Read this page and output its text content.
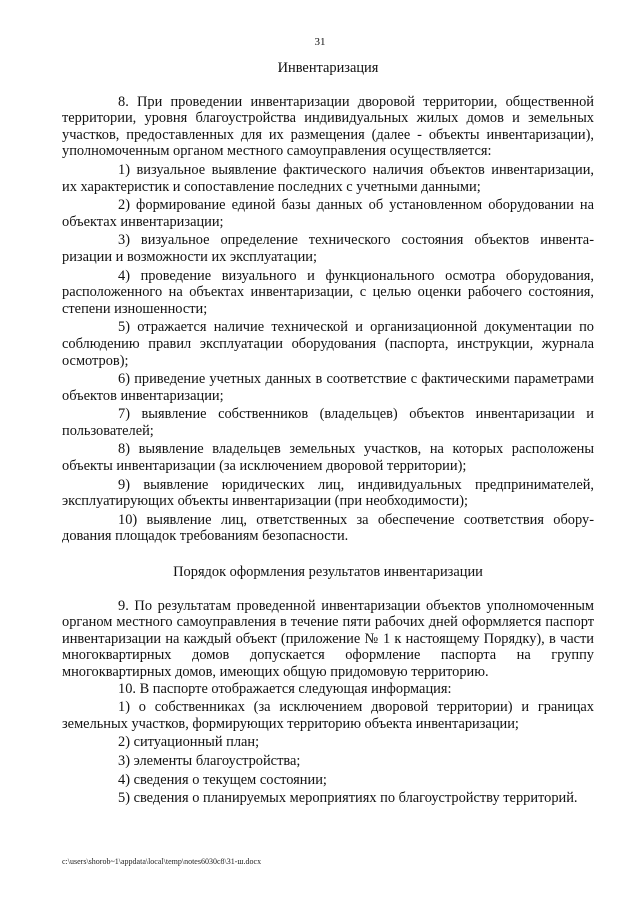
31
Инвентаризация

8. При проведении инвентаризации дворовой территории, общественной территории, уровня благоустройства индивидуальных жилых домов и земельных участков, предоставленных для их размещения (далее - объекты инвентаризации), уполномоченным органом местного самоуправления осуществляется:

1) визуальное выявление фактического наличия объектов инвентаризации, их характеристик и сопоставление последних с учетными данными;

2) формирование единой базы данных об установленном оборудовании на объектах инвентаризации;

3) визуальное определение технического состояния объектов инвентаризации и возможности их эксплуатации;

4) проведение визуального и функционального осмотра оборудования, расположенного на объектах инвентаризации, с целью оценки рабочего состояния, степени изношенности;

5) отражается наличие технической и организационной документации по соблюдению правил эксплуатации оборудования (паспорта, инструкции, журнала осмотров);

6) приведение учетных данных в соответствие с фактическими параметрами объектов инвентаризации;

7) выявление собственников (владельцев) объектов инвентаризации и пользователей;

8) выявление владельцев земельных участков, на которых расположены объекты инвентаризации (за исключением дворовой территории);

9) выявление юридических лиц, индивидуальных предпринимателей, эксплуатирующих объекты инвентаризации (при необходимости);

10) выявление лиц, ответственных за обеспечение соответствия оборудования площадок требованиям безопасности.

Порядок оформления результатов инвентаризации

9. По результатам проведенной инвентаризации объектов уполномоченным органом местного самоуправления в течение пяти рабочих дней оформляется паспорт инвентаризации на каждый объект (приложение № 1 к настоящему Порядку), в части многоквартирных домов допускается оформление паспорта на группу многоквартирных домов, имеющих общую придомовую территорию.

10. В паспорте отображается следующая информация:

1) о собственниках (за исключением дворовой территории) и границах земельных участков, формирующих территорию объекта инвентаризации;

2) ситуационный план;

3) элементы благоустройства;

4) сведения о текущем состоянии;

5) сведения о планируемых мероприятиях по благоустройству территорий.

c:\users\shorob~1\appdata\local\temp\notes6030c8\31-ш.docx
